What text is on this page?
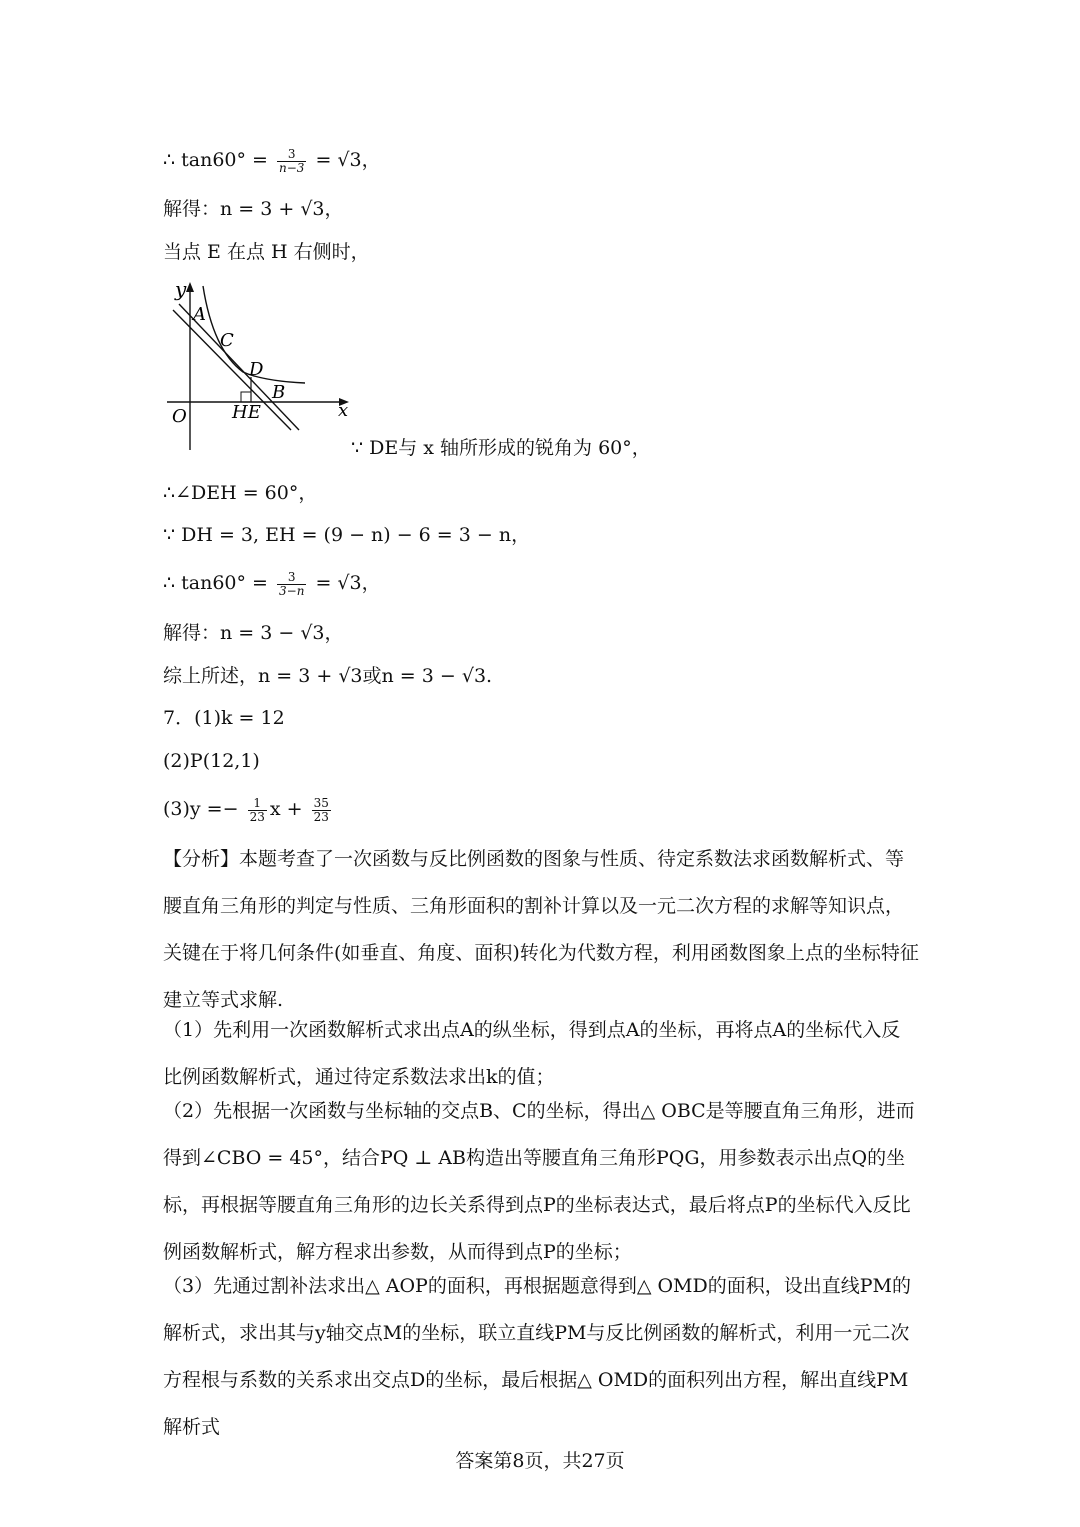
∴ $\tan 60^\circ = \frac{3}{n-3} = √3$，
解得：n = 3 + √3，
当点 E 在点 H 右侧时，
y
A
C
D
B
O	HE	x
∵ DE与 x 轴所形成的锐角为 60°，
∴∠DEH = 60°，
∵ DH = 3, EH = (9 − n) − 6 = 3 − n，
∴ $\tan 60^\circ = \frac{3}{3-n} = √3$，
解得：n = 3 − √3，
综上所述，n = 3 + √3或n = 3 − √3.
7．(1)k = 12
(2)P(12,1)
$(3)y =- \frac{1}{23}$ $x + \frac{35}{23}$
【分析】本题考查了一次函数与反比例函数的图象与性质、待定系数法求函数解析式、等腰直角三角形的判定与性质、三角形面积的割补计算以及一元二次方程的求解等知识点，关键在于将几何条件(如垂直、角度、面积)转化为代数方程，利用函数图象上点的坐标特征建立等式求解.
（1）先利用一次函数解析式求出点A的纵坐标，得到点A的坐标，再将点A的坐标代入反比例函数解析式，通过待定系数法求出k的值；
（2）先根据一次函数与坐标轴的交点B、C的坐标，得出△ OBC是等腰直角三角形，进而得到∠CBO = 45°，结合PQ ⊥ AB构造出等腰直角三角形PQG，用参数表示出点Q的坐标，再根据等腰直角三角形的边长关系得到点P的坐标表达式，最后将点P的坐标代入反比例函数解析式，解方程求出参数，从而得到点P的坐标；
（3）先通过割补法求出△ AOP的面积，再根据题意得到△ OMD的面积，设出直线PM的解析式，求出其与y轴交点M的坐标，联立直线PM与反比例函数的解析式，利用一元二次方程根与系数的关系求出交点D的坐标，最后根据△ OMD的面积列出方程，解出直线PM解析式
答案第8页，共27页
